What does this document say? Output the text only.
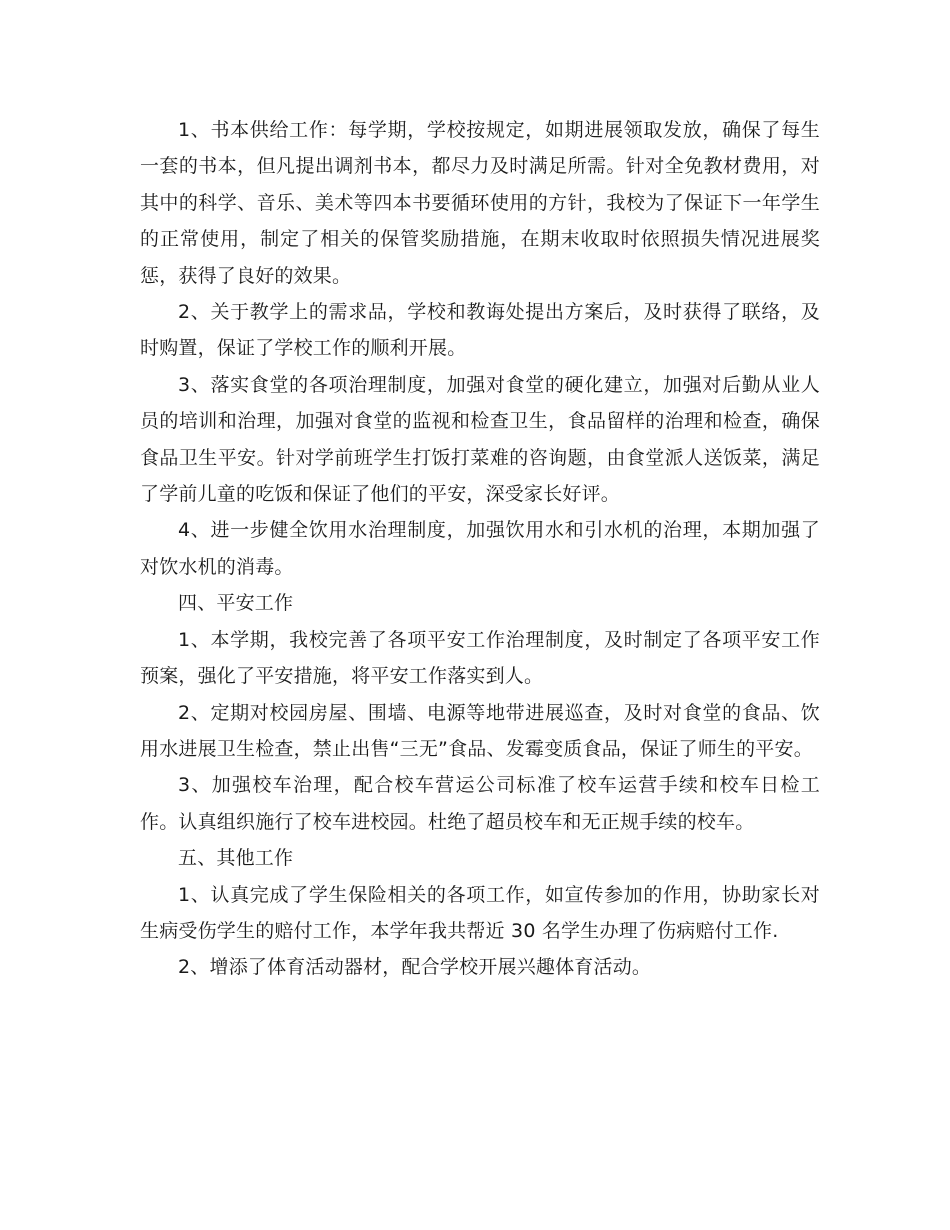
1、书本供给工作：每学期，学校按规定，如期进展领取发放，确保了每生一套的书本，但凡提出调剂书本，都尽力及时满足所需。针对全免教材费用，对其中的科学、音乐、美术等四本书要循环使用的方针，我校为了保证下一年学生的正常使用，制定了相关的保管奖励措施，在期末收取时依照损失情况进展奖惩，获得了良好的效果。

2、关于教学上的需求品，学校和教诲处提出方案后，及时获得了联络，及时购置，保证了学校工作的顺利开展。

3、落实食堂的各项治理制度，加强对食堂的硬化建立，加强对后勤从业人员的培训和治理，加强对食堂的监视和检查卫生，食品留样的治理和检查，确保食品卫生平安。针对学前班学生打饭打菜难的咨询题，由食堂派人送饭菜，满足了学前儿童的吃饭和保证了他们的平安，深受家长好评。

4、进一步健全饮用水治理制度，加强饮用水和引水机的治理，本期加强了对饮水机的消毒。

四、平安工作

1、本学期，我校完善了各项平安工作治理制度，及时制定了各项平安工作预案，强化了平安措施，将平安工作落实到人。

2、定期对校园房屋、围墙、电源等地带进展巡查，及时对食堂的食品、饮用水进展卫生检查，禁止出售“三无”食品、发霉变质食品，保证了师生的平安。

3、加强校车治理，配合校车营运公司标准了校车运营手续和校车日检工作。认真组织施行了校车进校园。杜绝了超员校车和无正规手续的校车。

五、其他工作

1、认真完成了学生保险相关的各项工作，如宣传参加的作用，协助家长对生病受伤学生的赔付工作，本学年我共帮近 30 名学生办理了伤病赔付工作.

2、增添了体育活动器材，配合学校开展兴趣体育活动。
